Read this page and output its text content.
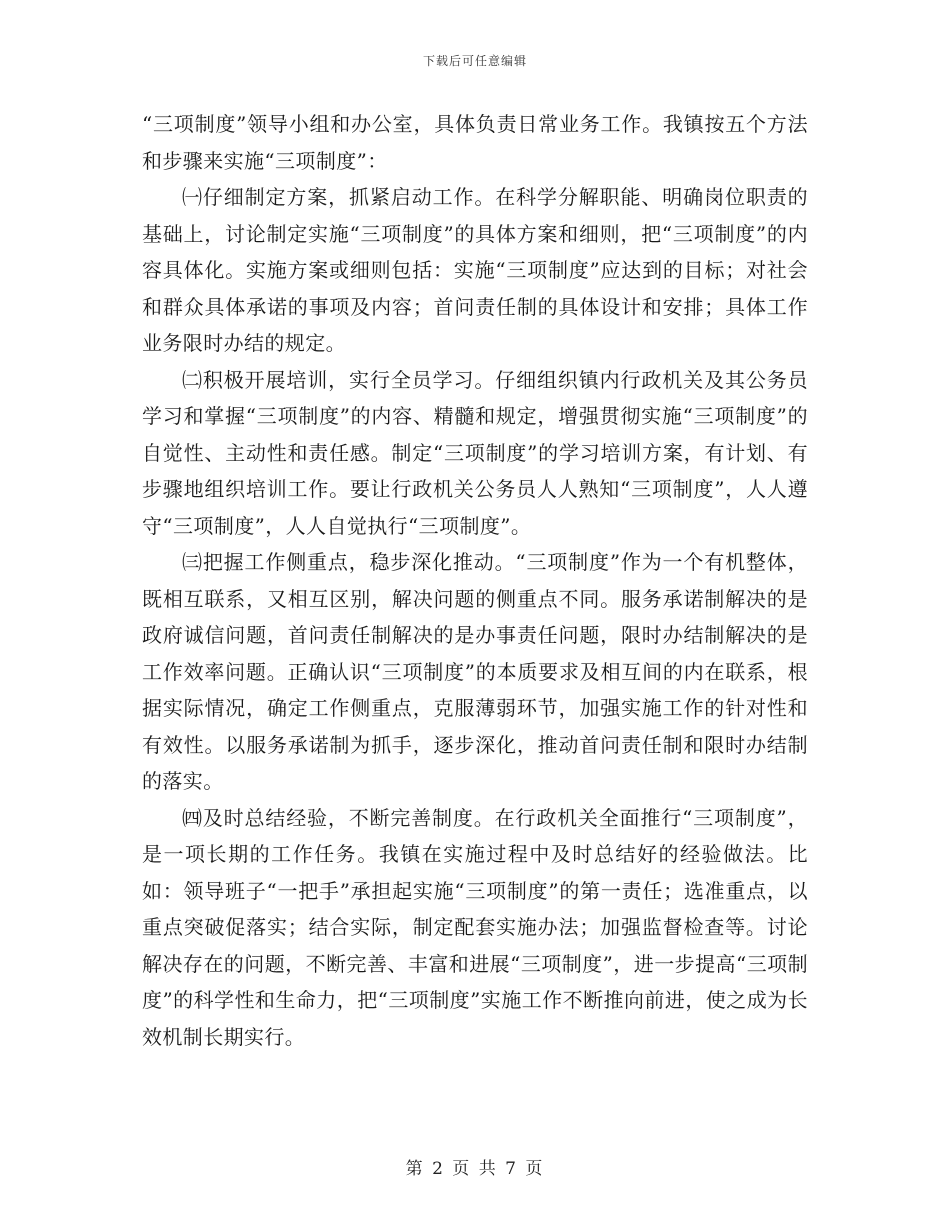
下载后可任意编辑

“三项制度”领导小组和办公室，具体负责日常业务工作。我镇按五个方法和步骤来实施“三项制度”：

㈠仔细制定方案，抓紧启动工作。在科学分解职能、明确岗位职责的基础上，讨论制定实施“三项制度”的具体方案和细则，把“三项制度”的内容具体化。实施方案或细则包括：实施“三项制度”应达到的目标；对社会和群众具体承诺的事项及内容；首问责任制的具体设计和安排；具体工作业务限时办结的规定。

㈡积极开展培训，实行全员学习。仔细组织镇内行政机关及其公务员学习和掌握“三项制度”的内容、精髓和规定，增强贯彻实施“三项制度”的自觉性、主动性和责任感。制定“三项制度”的学习培训方案，有计划、有步骤地组织培训工作。要让行政机关公务员人人熟知“三项制度”，人人遵守“三项制度”，人人自觉执行“三项制度”。

㈢把握工作侧重点，稳步深化推动。“三项制度”作为一个有机整体，既相互联系，又相互区别，解决问题的侧重点不同。服务承诺制解决的是政府诚信问题，首问责任制解决的是办事责任问题，限时办结制解决的是工作效率问题。正确认识“三项制度”的本质要求及相互间的内在联系，根据实际情况，确定工作侧重点，克服薄弱环节，加强实施工作的针对性和有效性。以服务承诺制为抓手，逐步深化，推动首问责任制和限时办结制的落实。

㈣及时总结经验，不断完善制度。在行政机关全面推行“三项制度”，是一项长期的工作任务。我镇在实施过程中及时总结好的经验做法。比如：领导班子“一把手”承担起实施“三项制度”的第一责任；选准重点，以重点突破促落实；结合实际，制定配套实施办法；加强监督检查等。讨论解决存在的问题，不断完善、丰富和进展“三项制度”，进一步提高“三项制度”的科学性和生命力，把“三项制度”实施工作不断推向前进，使之成为长效机制长期实行。

第 2 页 共 7 页
